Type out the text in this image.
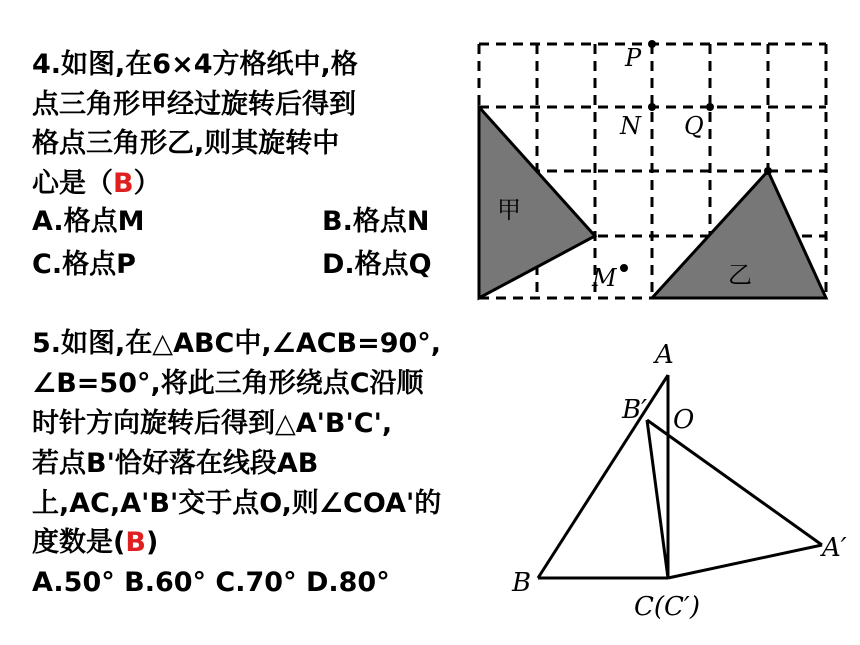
4.如图,在6×4方格纸中,格
点三角形甲经过旋转后得到
格点三角形乙,则其旋转中
心是（B）
A.格点M	B.格点N
C.格点P	D.格点Q
P
N Q
M
甲
乙
5.如图,在△ABC中,∠ACB=90°,
∠B=50°,将此三角形绕点C沿顺
时针方向旋转后得到△A'B'C',
若点B'恰好落在线段AB
上,AC,A'B'交于点O,则∠COA'的
度数是(B)
A.50° B.60° C.70° D.80°
A
B′ O
A′
B
C(C′)
